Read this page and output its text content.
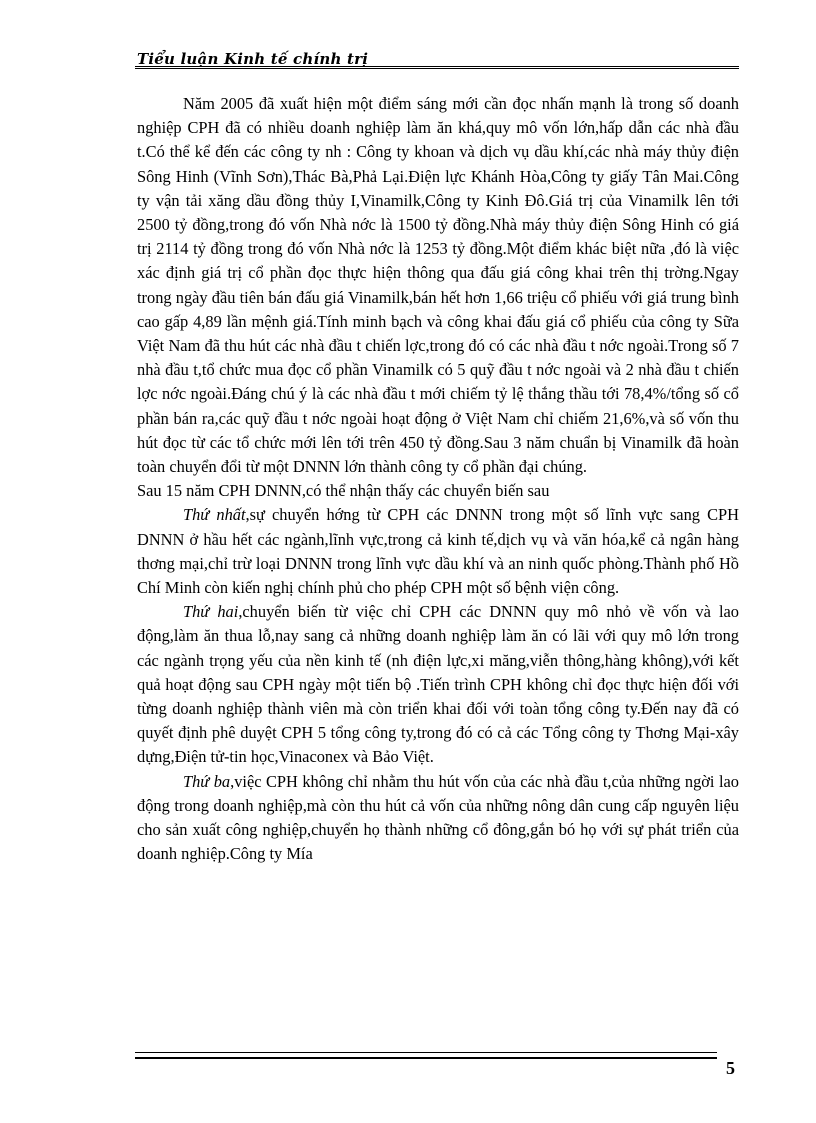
Tiểu luận Kinh tế chính trị

Năm 2005 đã xuất hiện một điểm sáng mới cần đọc nhấn mạnh là trong số doanh nghiệp CPH đã có nhiều doanh nghiệp làm ăn khá,quy mô vốn lớn,hấp dẫn các nhà đầu t.Có thể kể đến các công ty nh : Công ty khoan và dịch vụ dầu khí,các nhà máy thủy điện Sông Hinh (Vĩnh Sơn),Thác Bà,Phả Lại.Điện lực Khánh Hòa,Công ty giấy Tân Mai.Công ty vận tải xăng dầu đồng thủy I,Vinamilk,Công ty Kinh Đô.Giá trị của Vinamilk lên tới 2500 tỷ đồng,trong đó vốn Nhà nớc là 1500 tỷ đồng.Nhà máy thủy điện Sông Hinh có giá trị 2114 tỷ đồng trong đó vốn Nhà nớc là 1253 tỷ đồng.Một điểm khác biệt nữa ,đó là việc xác định giá trị cổ phần đọc thực hiện thông qua đấu giá công khai trên thị trờng.Ngay trong ngày đầu tiên bán đấu giá Vinamilk,bán hết hơn 1,66 triệu cổ phiếu với giá trung bình cao gấp 4,89 lần mệnh giá.Tính minh bạch và công khai đấu giá cổ phiếu của công ty Sữa Việt Nam đã thu hút các nhà đầu t chiến lợc,trong đó có các nhà đầu t nớc ngoài.Trong số 7 nhà đầu t,tổ chức mua đọc cổ phần Vinamilk có 5 quỹ đầu t nớc ngoài và 2 nhà đầu t chiến lợc nớc ngoài.Đáng chú ý là các nhà đầu t mới chiếm tỷ lệ thắng thầu tới 78,4%/tổng số cổ phần bán ra,các quỹ đầu t nớc ngoài hoạt động ở Việt Nam chỉ chiếm 21,6%,và số vốn thu hút đọc từ các tổ chức mới lên tới trên 450 tỷ đồng.Sau 3 năm chuẩn bị Vinamilk đã hoàn toàn chuyển đổi từ một DNNN lớn thành công ty cổ phần đại chúng.

Sau 15 năm CPH DNNN,có thể nhận thấy các chuyển biến sau

Thứ nhất,sự chuyển hớng từ CPH các DNNN trong một số lĩnh vực sang CPH DNNN ở hầu hết các ngành,lĩnh vực,trong cả kinh tế,dịch vụ và văn hóa,kể cả ngân hàng thơng mại,chỉ trừ loại DNNN trong lĩnh vực dầu khí và an ninh quốc phòng.Thành phố Hồ Chí Minh còn kiến nghị chính phủ cho phép CPH một số bệnh viện công.

Thứ hai,chuyển biến từ việc chỉ CPH các DNNN quy mô nhỏ về vốn và lao động,làm ăn thua lỗ,nay sang cả những doanh nghiệp làm ăn có lãi với quy mô lớn trong các ngành trọng yếu của nền kinh tế (nh điện lực,xi măng,viễn thông,hàng không),với kết quả hoạt động sau CPH ngày một tiến bộ .Tiến trình CPH không chỉ đọc thực hiện đối với từng doanh nghiệp thành viên mà còn triển khai đối với toàn tổng công ty.Đến nay đã có quyết định phê duyệt CPH 5 tổng công ty,trong đó có cả các Tổng công ty Thơng Mại-xây dựng,Điện tử-tin học,Vinaconex và Bảo Việt.

Thứ ba,việc CPH không chỉ nhằm thu hút vốn của các nhà đầu t,của những ngời lao động trong doanh nghiệp,mà còn thu hút cả vốn của những nông dân cung cấp nguyên liệu cho sản xuất công nghiệp,chuyển họ thành những cổ đông,gắn bó họ với sự phát triển của doanh nghiệp.Công ty Mía

5
